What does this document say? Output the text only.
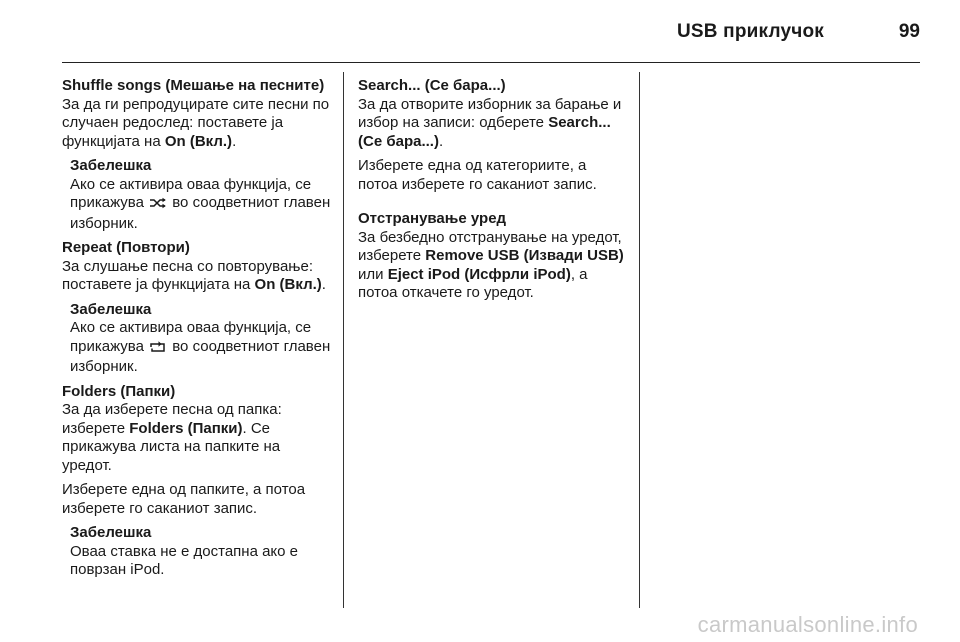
USB приклучок	99
Shuffle songs (Мешање на песните)
За да ги репродуцирате сите песни по случаен редослед: поставете ја функцијата на On (Вкл.).
Забелешка
Ако се активира оваа функција, се прикажува  во соодветниот главен изборник.
Repeat (Повтори)
За слушање песна со повторување: поставете ја функцијата на On (Вкл.).
Забелешка
Ако се активира оваа функција, се прикажува  во соодветниот главен изборник.
Folders (Папки)
За да изберете песна од папка: изберете Folders (Папки). Се прикажува листа на папките на уредот.

Изберете една од папките, а потоа изберете го саканиот запис.

Забелешка
Оваа ставка не е достапна ако е поврзан iPod.
Search... (Се бара...)
За да отворите изборник за барање и избор на записи: одберете Search... (Се бара...).

Изберете една од категориите, а потоа изберете го саканиот запис.

Отстранување уред
За безбедно отстранување на уредот, изберете Remove USB (Извади USB) или Eject iPod (Исфрли iPod), а потоа откачете го уредот.
carmanualsonline.info
